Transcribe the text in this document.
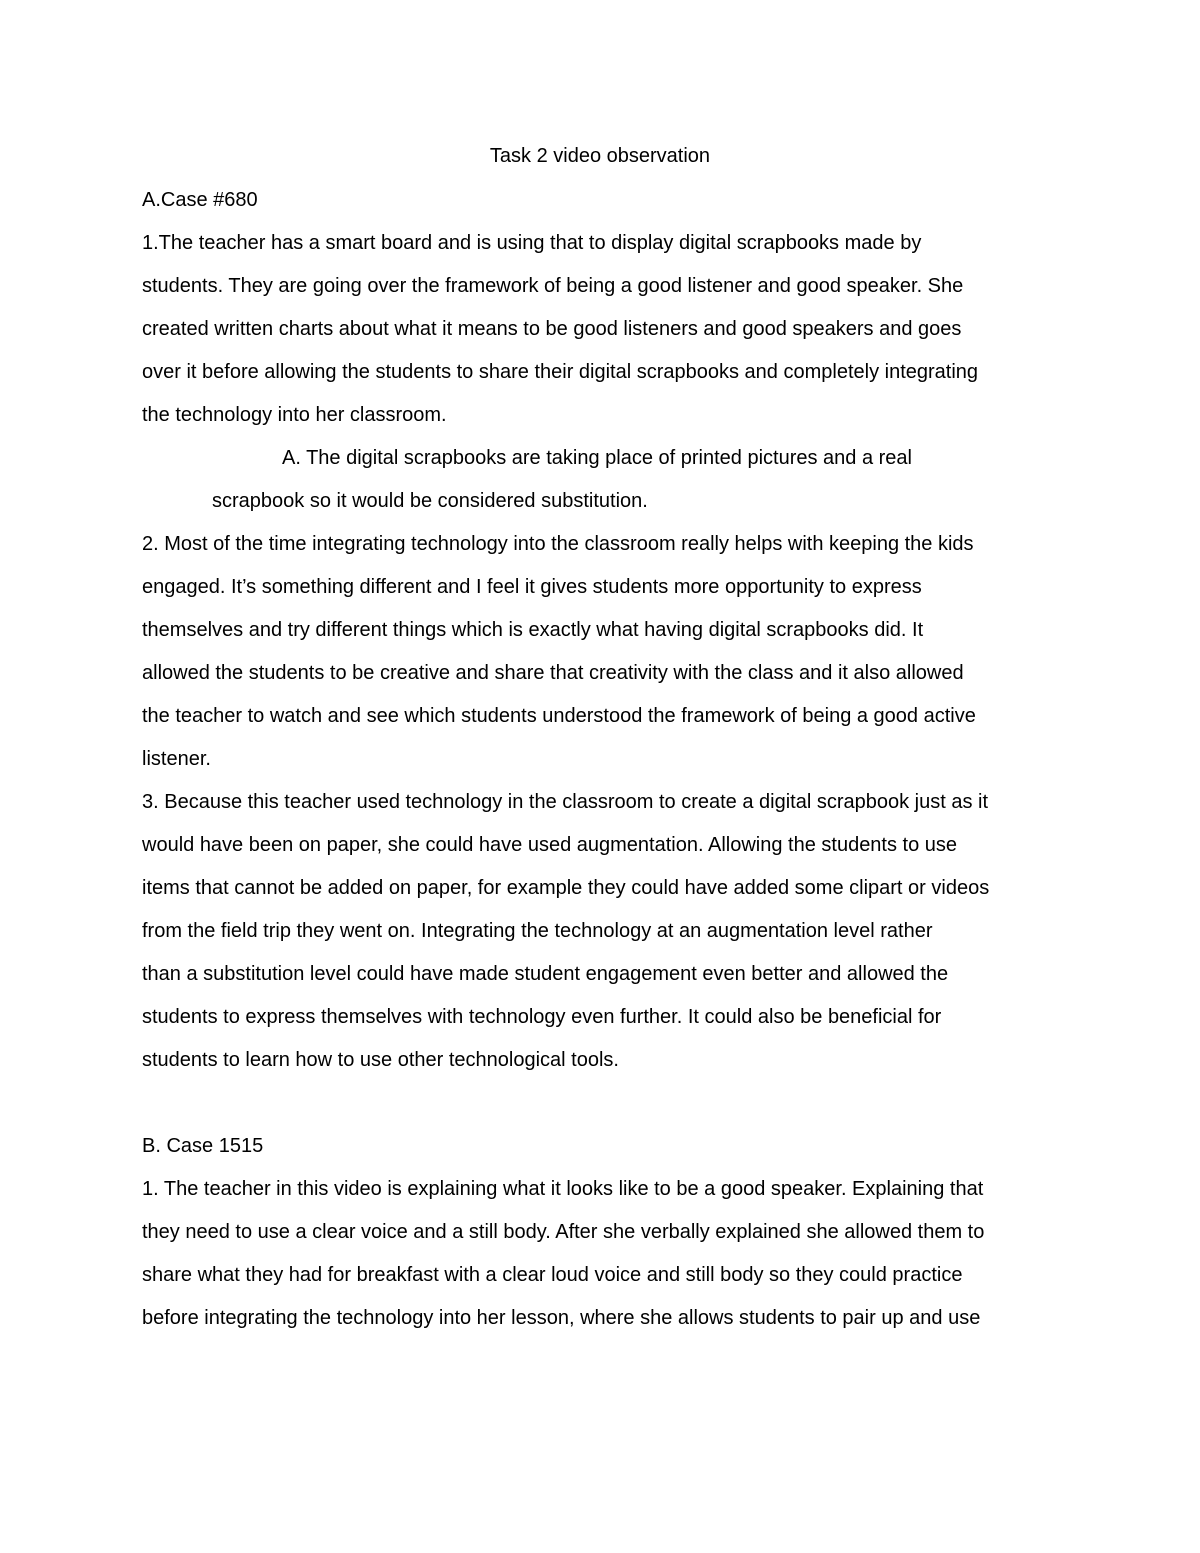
Task 2 video observation
A.Case #680
1.The teacher has a smart board and is using that to display digital scrapbooks made by
students. They are going over the framework of being a good listener and good speaker. She
created written charts about what it means to be good listeners and good speakers and goes
over it before allowing the students to share their digital scrapbooks and completely integrating
the technology into her classroom.
A. The digital scrapbooks are taking place of printed pictures and a real
scrapbook so it would be considered substitution.
2. Most of the time integrating technology into the classroom really helps with keeping the kids
engaged. It’s something different and I feel it gives students more opportunity to express
themselves and try different things which is exactly what having digital scrapbooks did. It
allowed the students to be creative and share that creativity with the class and it also allowed
the teacher to watch and see which students understood the framework of being a good active
listener.
3. Because this teacher used technology in the classroom to create a digital scrapbook just as it
would have been on paper, she could have used augmentation. Allowing the students to use
items that cannot be added on paper, for example they could have added some clipart or videos
from the field trip they went on. Integrating the technology at an augmentation level rather
than a substitution level could have made student engagement even better and allowed the
students to express themselves with technology even further. It could also be beneficial for
students to learn how to use other technological tools.
B. Case 1515
1. The teacher in this video is explaining what it looks like to be a good speaker. Explaining that
they need to use a clear voice and a still body. After she verbally explained she allowed them to
share what they had for breakfast with a clear loud voice and still body so they could practice
before integrating the technology into her lesson, where she allows students to pair up and use
